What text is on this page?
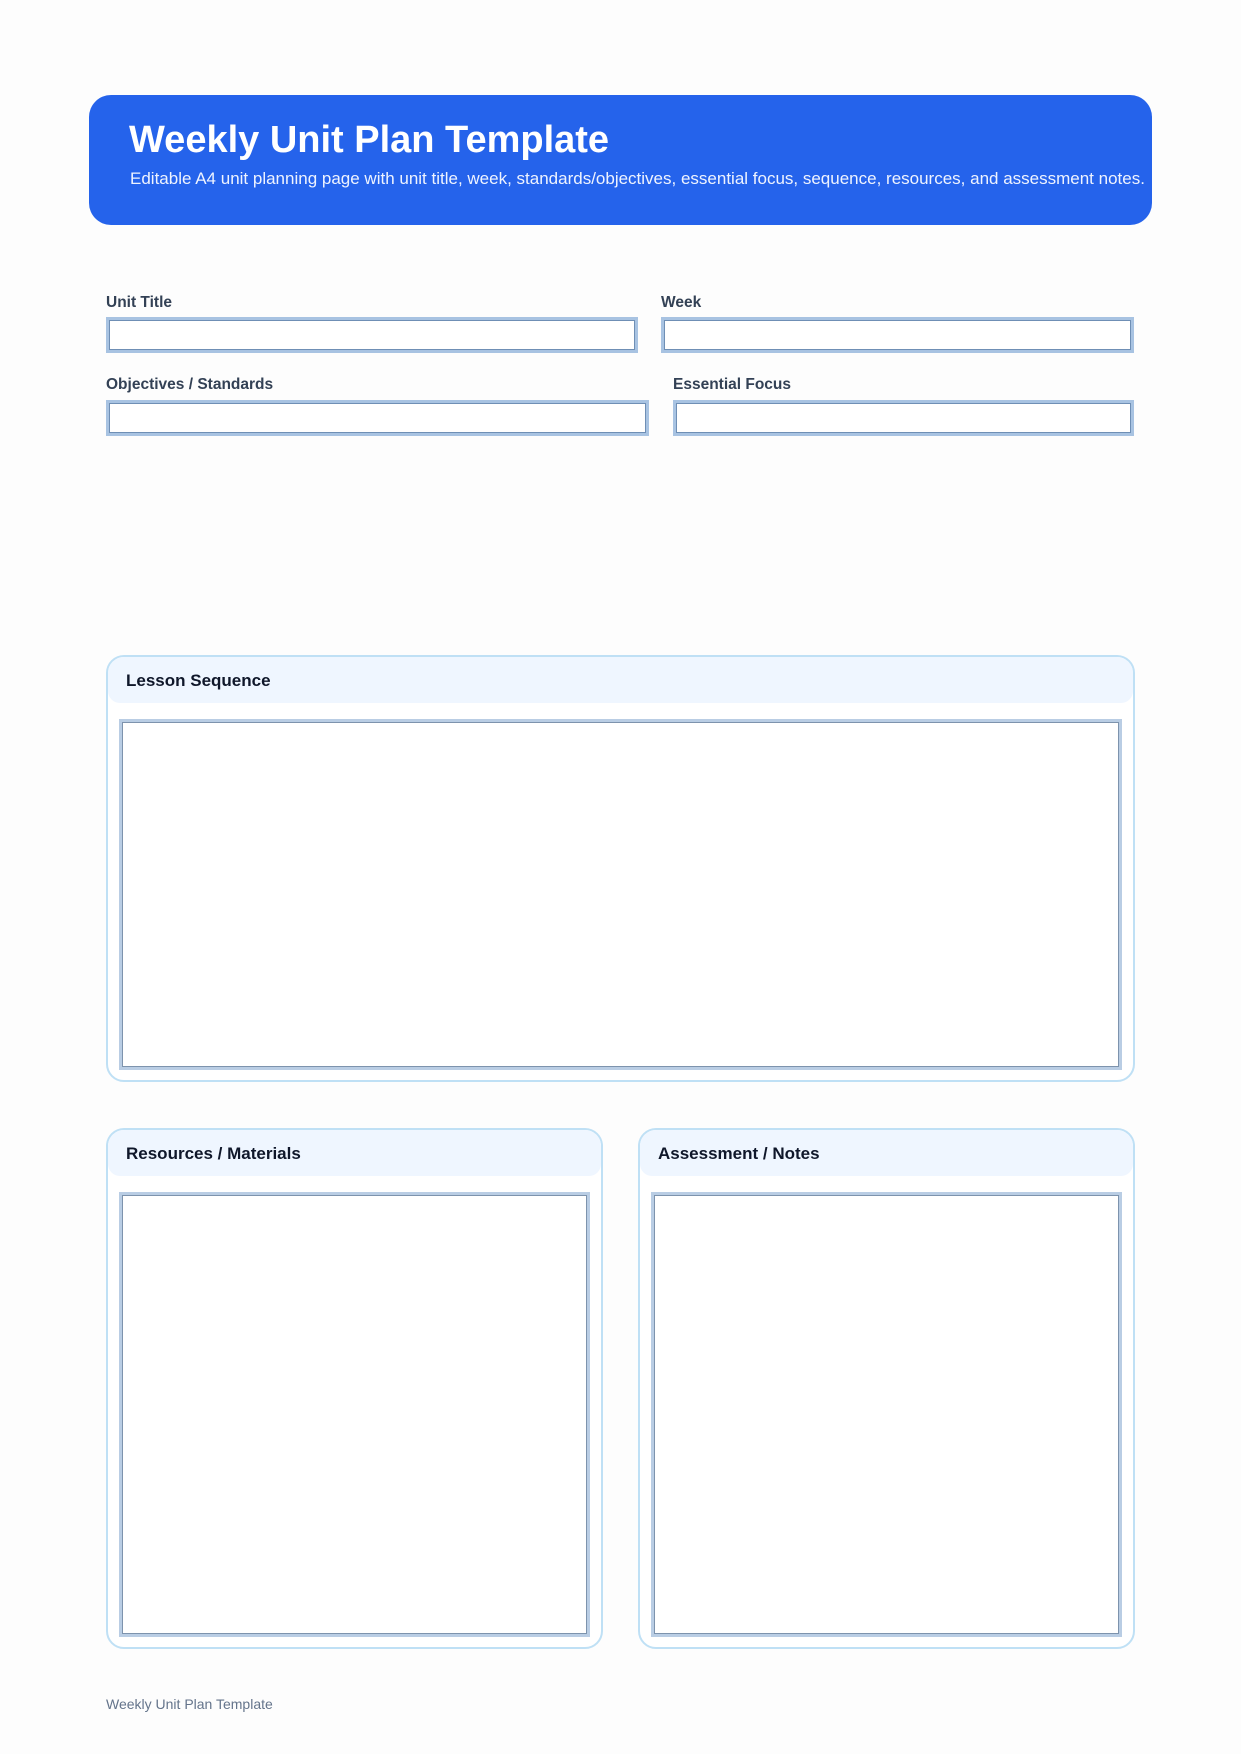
Weekly Unit Plan Template
Editable A4 unit planning page with unit title, week, standards/objectives, essential focus, sequence, resources, and assessment notes.
Unit Title	Week
Objectives / Standards	Essential Focus
Lesson Sequence
Resources / Materials	Assessment / Notes
Weekly Unit Plan Template
